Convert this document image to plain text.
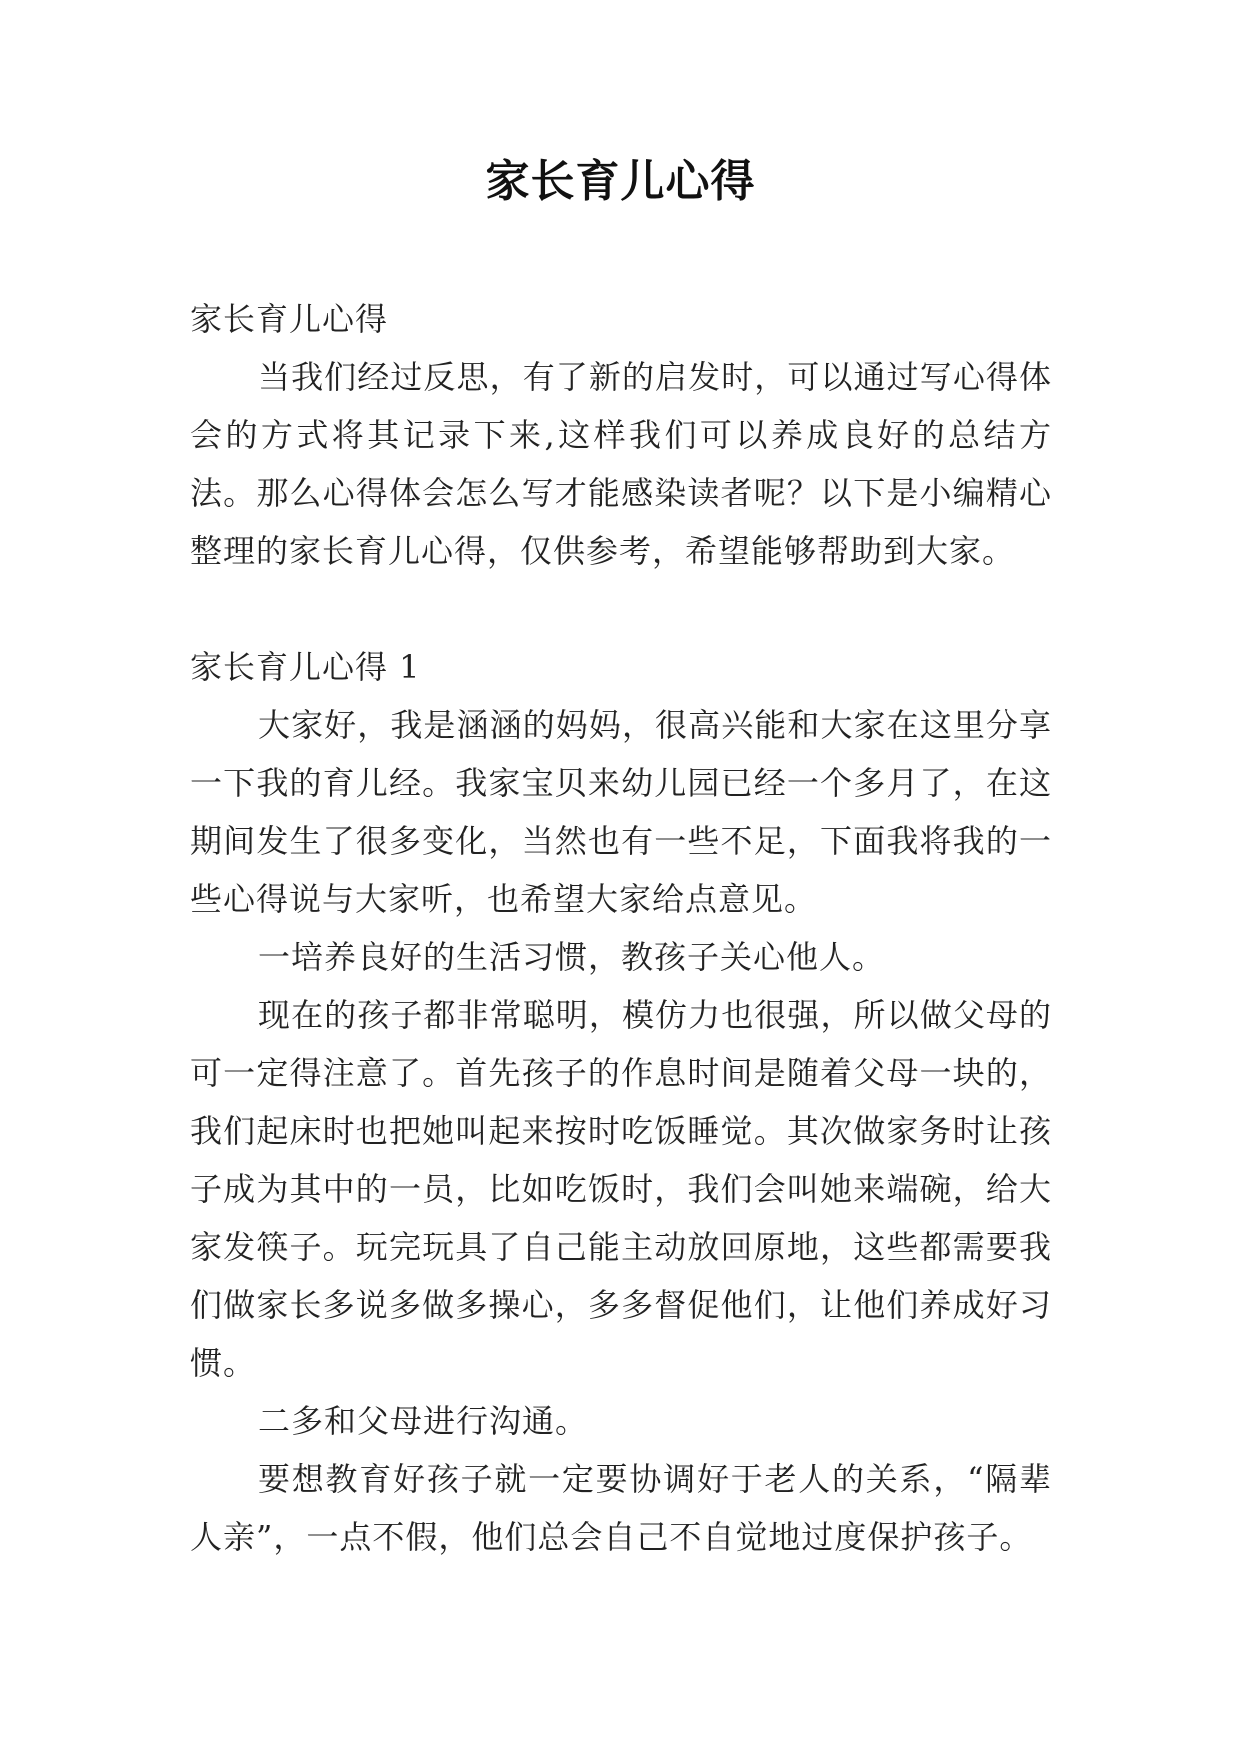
家长育儿心得

家长育儿心得

当我们经过反思，有了新的启发时，可以通过写心得体会的方式将其记录下来,这样我们可以养成良好的总结方法。那么心得体会怎么写才能感染读者呢？以下是小编精心整理的家长育儿心得，仅供参考，希望能够帮助到大家。

家长育儿心得 1

大家好，我是涵涵的妈妈，很高兴能和大家在这里分享一下我的育儿经。我家宝贝来幼儿园已经一个多月了，在这期间发生了很多变化，当然也有一些不足，下面我将我的一些心得说与大家听，也希望大家给点意见。

一培养良好的生活习惯，教孩子关心他人。

现在的孩子都非常聪明，模仿力也很强，所以做父母的可一定得注意了。首先孩子的作息时间是随着父母一块的，我们起床时也把她叫起来按时吃饭睡觉。其次做家务时让孩子成为其中的一员，比如吃饭时，我们会叫她来端碗，给大家发筷子。玩完玩具了自己能主动放回原地，这些都需要我们做家长多说多做多操心，多多督促他们，让他们养成好习惯。

二多和父母进行沟通。

要想教育好孩子就一定要协调好于老人的关系，“隔辈人亲”，一点不假，他们总会自己不自觉地过度保护孩子。
